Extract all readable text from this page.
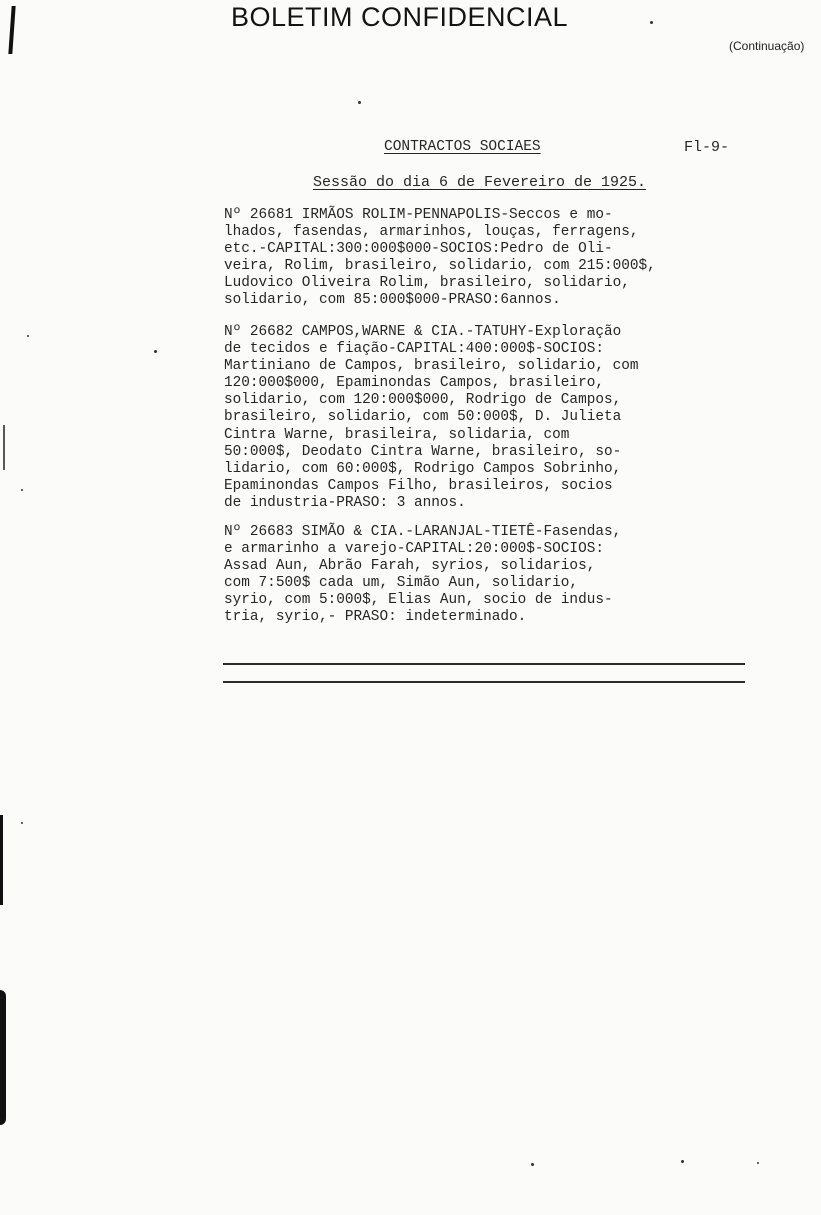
BOLETIM CONFIDENCIAL
(Continuação)
CONTRACTOS SOCIAES	Fl-9-
Sessão do dia 6 de Fevereiro de 1925.

Nº 26681 IRMÃOS ROLIM-PENNAPOLIS-Seccos e mo-
lhados, fasendas, armarinhos, louças, ferragens,
etc.-CAPITAL:300:000$000-SOCIOS:Pedro de Oli-
veira, Rolim, brasileiro, solidario, com 215:000$,
Ludovico Oliveira Rolim, brasileiro, solidario,
solidario, com 85:000$000-PRASO:6annos.

Nº 26682 CAMPOS,WARNE & CIA.-TATUHY-Exploração
de tecidos e fiação-CAPITAL:400:000$-SOCIOS:
Martiniano de Campos, brasileiro, solidario, com
120:000$000, Epaminondas Campos, brasileiro,
solidario, com 120:000$000, Rodrigo de Campos,
brasileiro, solidario, com 50:000$, D. Julieta
Cintra Warne, brasileira, solidaria, com
50:000$, Deodato Cintra Warne, brasileiro, so-
lidario, com 60:000$, Rodrigo Campos Sobrinho,
Epaminondas Campos Filho, brasileiros, socios
de industria-PRASO: 3 annos.

Nº 26683 SIMÃO & CIA.-LARANJAL-TIETÊ-Fasendas,
e armarinho a varejo-CAPITAL:20:000$-SOCIOS:
Assad Aun, Abrão Farah, syrios, solidarios,
com 7:500$ cada um, Simão Aun, solidario,
syrio, com 5:000$, Elias Aun, socio de indus-
tria, syrio,- PRASO: indeterminado.
